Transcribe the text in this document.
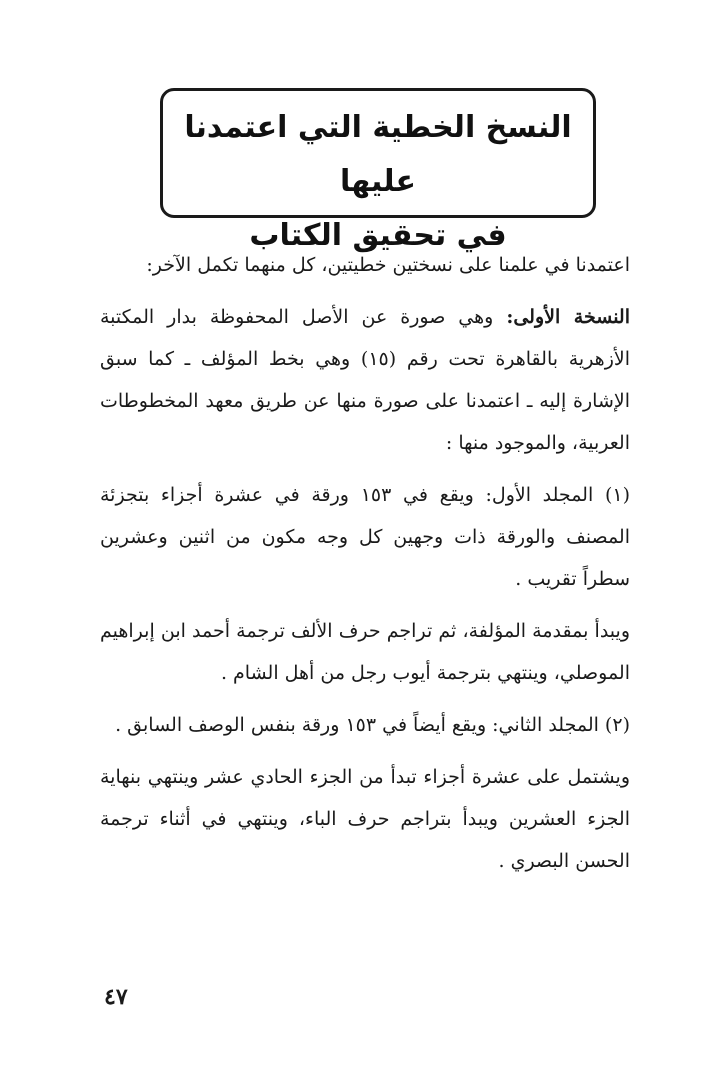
النسخ الخطية التي اعتمدنا عليها
في تحقيق الكتاب

اعتمدنا في علمنا على نسختين خطيتين، كل منهما تكمل الآخر:

النسخة الأولى: وهي صورة عن الأصل المحفوظة بدار المكتبة الأزهرية بالقاهرة تحت رقم (١٥) وهي بخط المؤلف ـ كما سبق الإشارة إليه ـ اعتمدنا على صورة منها عن طريق معهد المخطوطات العربية، والموجود منها :

(١) المجلد الأول: ويقع في ١٥٣ ورقة في عشرة أجزاء بتجزئة المصنف والورقة ذات وجهين كل وجه مكون من اثنين وعشرين سطراً تقريب .

ويبدأ بمقدمة المؤلفة، ثم تراجم حرف الألف ترجمة أحمد ابن إبراهيم الموصلي، وينتهي بترجمة أيوب رجل من أهل الشام .

(٢) المجلد الثاني: ويقع أيضاً في ١٥٣ ورقة بنفس الوصف السابق .

ويشتمل على عشرة أجزاء تبدأ من الجزء الحادي عشر وينتهي بنهاية الجزء العشرين ويبدأ بتراجم حرف الباء، وينتهي في أثناء ترجمة الحسن البصري .

٤٧
